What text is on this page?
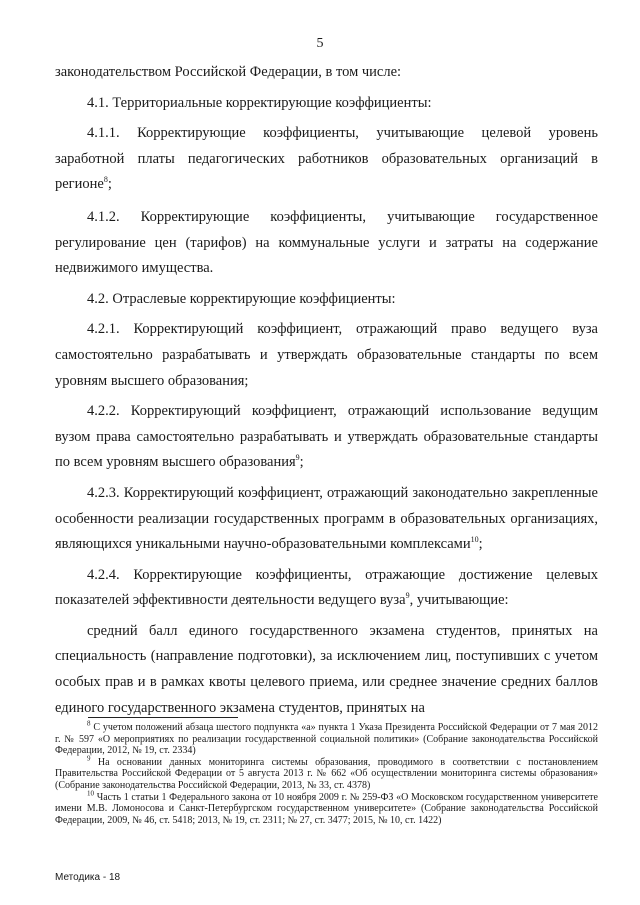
5

законодательством Российской Федерации, в том числе:

4.1. Территориальные корректирующие коэффициенты:

4.1.1. Корректирующие коэффициенты, учитывающие целевой уровень заработной платы педагогических работников образовательных организаций в регионе$^8$;

4.1.2. Корректирующие коэффициенты, учитывающие государственное регулирование цен (тарифов) на коммунальные услуги и затраты на содержание недвижимого имущества.

4.2. Отраслевые корректирующие коэффициенты:

4.2.1. Корректирующий коэффициент, отражающий право ведущего вуза самостоятельно разрабатывать и утверждать образовательные стандарты по всем уровням высшего образования;

4.2.2. Корректирующий коэффициент, отражающий использование ведущим вузом права самостоятельно разрабатывать и утверждать образовательные стандарты по всем уровням высшего образования$^9$;

4.2.3. Корректирующий коэффициент, отражающий законодательно закрепленные особенности реализации государственных программ в образовательных организациях, являющихся уникальными научно-образовательными комплексами$^{10}$;

4.2.4. Корректирующие коэффициенты, отражающие достижение целевых показателей эффективности деятельности ведущего вуза$^9$, учитывающие:

средний балл единого государственного экзамена студентов, принятых на специальность (направление подготовки), за исключением лиц, поступивших с учетом особых прав и в рамках квоты целевого приема, или среднее значение средних баллов единого государственного экзамена студентов, принятых на

$^8$ С учетом положений абзаца шестого подпункта «а» пункта 1 Указа Президента Российской Федерации от 7 мая 2012 г. № 597 «О мероприятиях по реализации государственной социальной политики» (Собрание законодательства Российской Федерации, 2012, № 19, ст. 2334)

$^9$ На основании данных мониторинга системы образования, проводимого в соответствии с постановлением Правительства Российской Федерации от 5 августа 2013 г. № 662 «Об осуществлении мониторинга системы образования» (Собрание законодательства Российской Федерации, 2013, № 33, ст. 4378)

$^{10}$ Часть 1 статьи 1 Федерального закона от 10 ноября 2009 г. № 259-ФЗ «О Московском государственном университете имени М.В. Ломоносова и Санкт-Петербургском государственном университете» (Собрание законодательства Российской Федерации, 2009, № 46, ст. 5418; 2013, № 19, ст. 2311; № 27, ст. 3477; 2015, № 10, ст. 1422)

Методика - 18
